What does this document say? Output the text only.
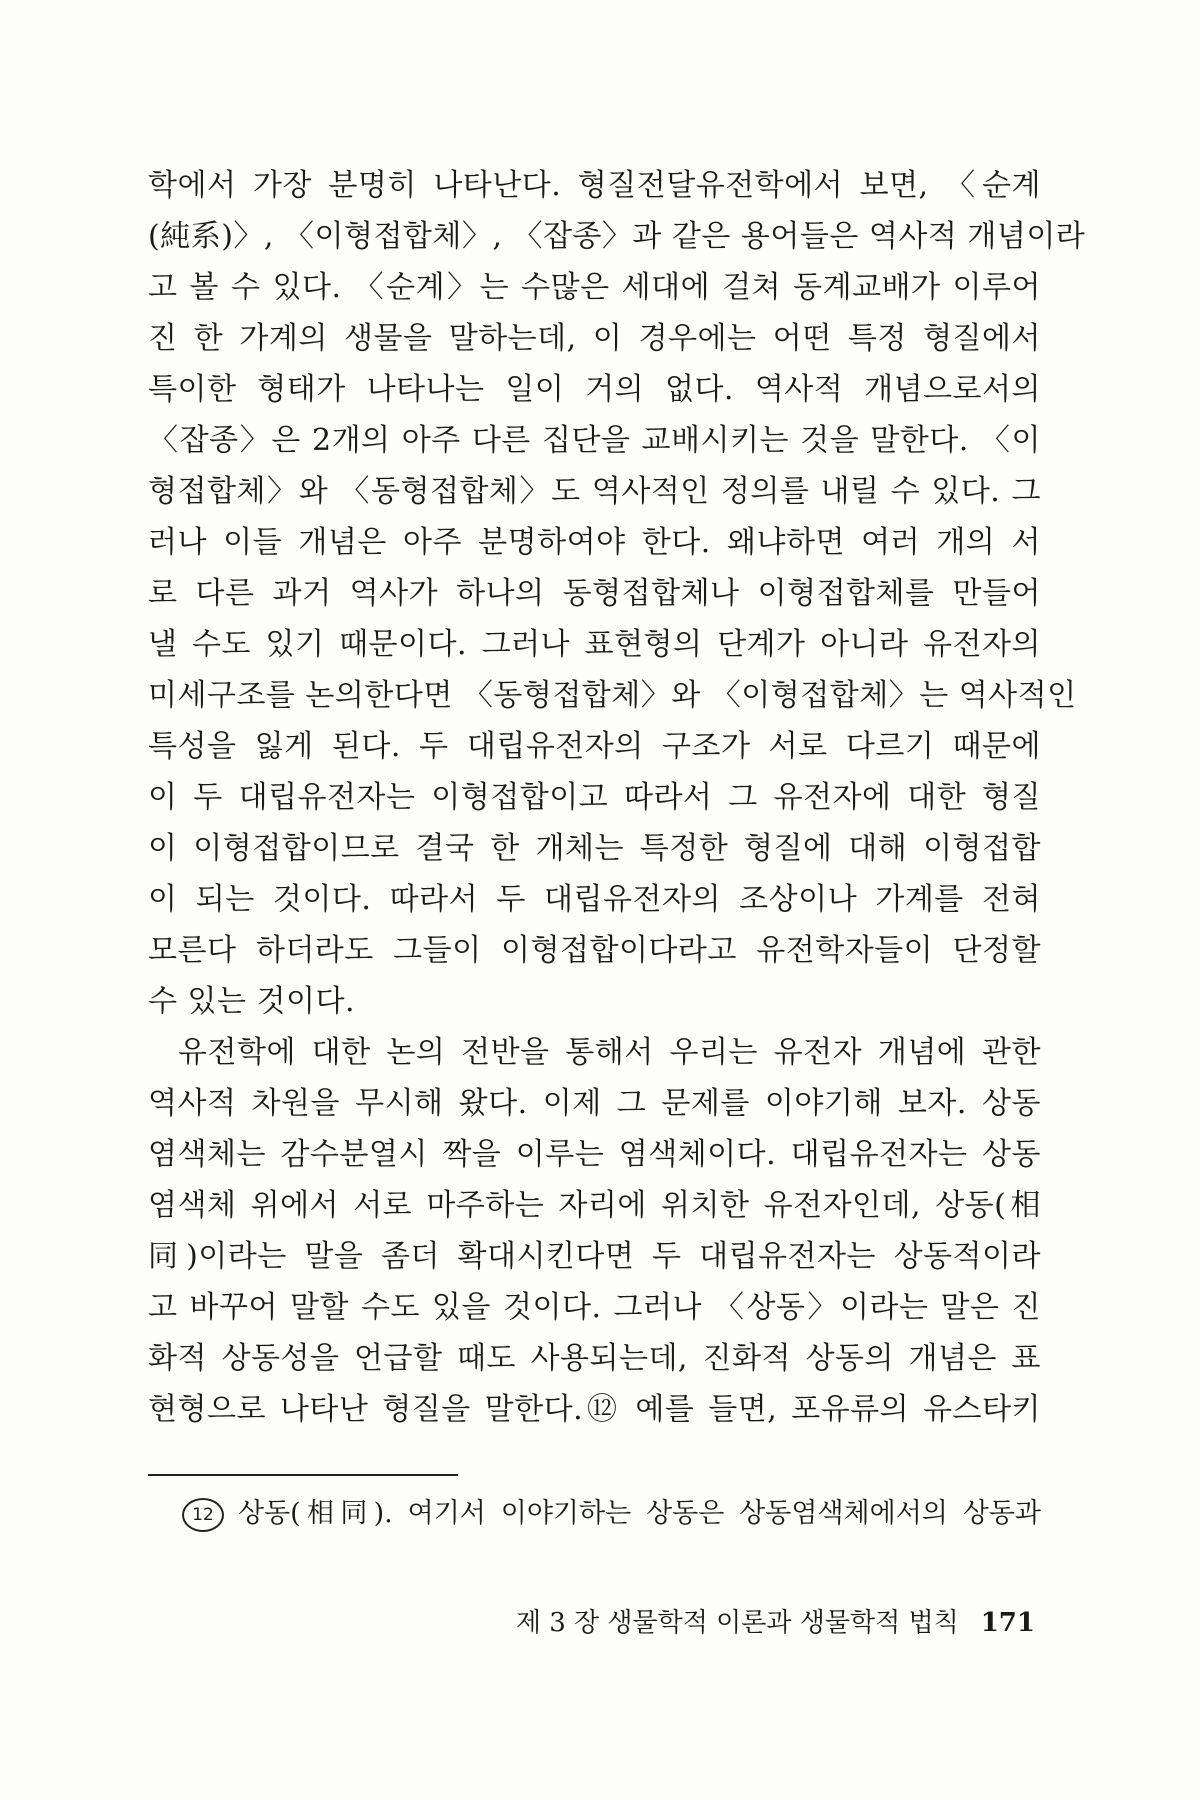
학에서 가장 분명히 나타난다. 형질전달유전학에서 보면, 〈순계
(純系)〉, 〈이형접합체〉, 〈잡종〉과 같은 용어들은 역사적 개념이라
고 볼 수 있다. 〈순계〉는 수많은 세대에 걸쳐 동계교배가 이루어
진 한 가계의 생물을 말하는데, 이 경우에는 어떤 특정 형질에서
특이한 형태가 나타나는 일이 거의 없다. 역사적 개념으로서의
〈잡종〉은 2개의 아주 다른 집단을 교배시키는 것을 말한다. 〈이
형접합체〉와 〈동형접합체〉도 역사적인 정의를 내릴 수 있다. 그
러나 이들 개념은 아주 분명하여야 한다. 왜냐하면 여러 개의 서
로 다른 과거 역사가 하나의 동형접합체나 이형접합체를 만들어
낼 수도 있기 때문이다. 그러나 표현형의 단계가 아니라 유전자의
미세구조를 논의한다면 〈동형접합체〉와 〈이형접합체〉는 역사적인
특성을 잃게 된다. 두 대립유전자의 구조가 서로 다르기 때문에
이 두 대립유전자는 이형접합이고 따라서 그 유전자에 대한 형질
이 이형접합이므로 결국 한 개체는 특정한 형질에 대해 이형접합
이 되는 것이다. 따라서 두 대립유전자의 조상이나 가계를 전혀
모른다 하더라도 그들이 이형접합이다라고 유전학자들이 단정할
수 있는 것이다.
유전학에 대한 논의 전반을 통해서 우리는 유전자 개념에 관한
역사적 차원을 무시해 왔다. 이제 그 문제를 이야기해 보자. 상동
염색체는 감수분열시 짝을 이루는 염색체이다. 대립유전자는 상동
염색체 위에서 서로 마주하는 자리에 위치한 유전자인데, 상동(相
同)이라는 말을 좀더 확대시킨다면 두 대립유전자는 상동적이라
고 바꾸어 말할 수도 있을 것이다. 그러나 〈상동〉이라는 말은 진
화적 상동성을 언급할 때도 사용되는데, 진화적 상동의 개념은 표
현형으로 나타난 형질을 말한다.⑫ 예를 들면, 포유류의 유스타키
12 상동(相同). 여기서 이야기하는 상동은 상동염색체에서의 상동과
제 3 장 생물학적 이론과 생물학적 법칙 171
